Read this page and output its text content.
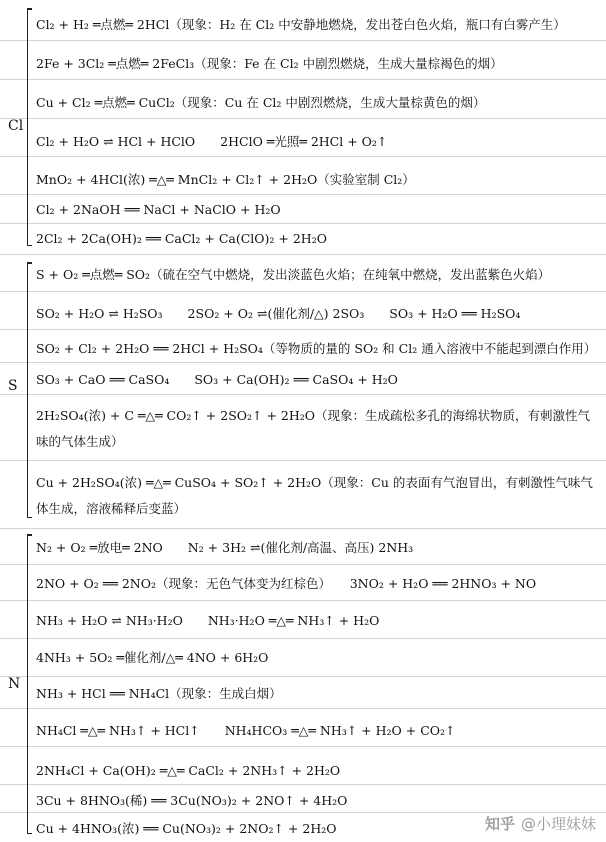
Cl
Cl₂ + H₂ ═点燃═ 2HCl（现象：H₂ 在 Cl₂ 中安静地燃烧，发出苍白色火焰，瓶口有白雾产生）
2Fe + 3Cl₂ ═点燃═ 2FeCl₃（现象：Fe 在 Cl₂ 中剧烈燃烧，生成大量棕褐色的烟）
Cu + Cl₂ ═点燃═ CuCl₂（现象：Cu 在 Cl₂ 中剧烈燃烧，生成大量棕黄色的烟）
Cl₂ + H₂O ⇌ HCl + HClO　　2HClO ═光照═ 2HCl + O₂↑
MnO₂ + 4HCl(浓) ═△═ MnCl₂ + Cl₂↑ + 2H₂O（实验室制 Cl₂）
Cl₂ + 2NaOH ══ NaCl + NaClO + H₂O
2Cl₂ + 2Ca(OH)₂ ══ CaCl₂ + Ca(ClO)₂ + 2H₂O
S
S + O₂ ═点燃═ SO₂（硫在空气中燃烧，发出淡蓝色火焰；在纯氧中燃烧，发出蓝紫色火焰）
SO₂ + H₂O ⇌ H₂SO₃　　2SO₂ + O₂ ⇌(催化剂/△) 2SO₃　　SO₃ + H₂O ══ H₂SO₄
SO₂ + Cl₂ + 2H₂O ══ 2HCl + H₂SO₄（等物质的量的 SO₂ 和 Cl₂ 通入溶液中不能起到漂白作用）
SO₃ + CaO ══ CaSO₄　　SO₃ + Ca(OH)₂ ══ CaSO₄ + H₂O
2H₂SO₄(浓) + C ═△═ CO₂↑ + 2SO₂↑ + 2H₂O（现象：生成疏松多孔的海绵状物质，有刺激性气味的气体生成）
Cu + 2H₂SO₄(浓) ═△═ CuSO₄ + SO₂↑ + 2H₂O（现象：Cu 的表面有气泡冒出，有刺激性气味气体生成，溶液稀释后变蓝）
N
N₂ + O₂ ═放电═ 2NO　　N₂ + 3H₂ ⇌(催化剂/高温、高压) 2NH₃
2NO + O₂ ══ 2NO₂（现象：无色气体变为红棕色）　　3NO₂ + H₂O ══ 2HNO₃ + NO
NH₃ + H₂O ⇌ NH₃·H₂O　　NH₃·H₂O ═△═ NH₃↑ + H₂O
4NH₃ + 5O₂ ═催化剂/△═ 4NO + 6H₂O
NH₃ + HCl ══ NH₄Cl（现象：生成白烟）
NH₄Cl ═△═ NH₃↑ + HCl↑　　NH₄HCO₃ ═△═ NH₃↑ + H₂O + CO₂↑
2NH₄Cl + Ca(OH)₂ ═△═ CaCl₂ + 2NH₃↑ + 2H₂O
3Cu + 8HNO₃(稀) ══ 3Cu(NO₃)₂ + 2NO↑ + 4H₂O
Cu + 4HNO₃(浓) ══ Cu(NO₃)₂ + 2NO₂↑ + 2H₂O	知乎 @小理妹妹
